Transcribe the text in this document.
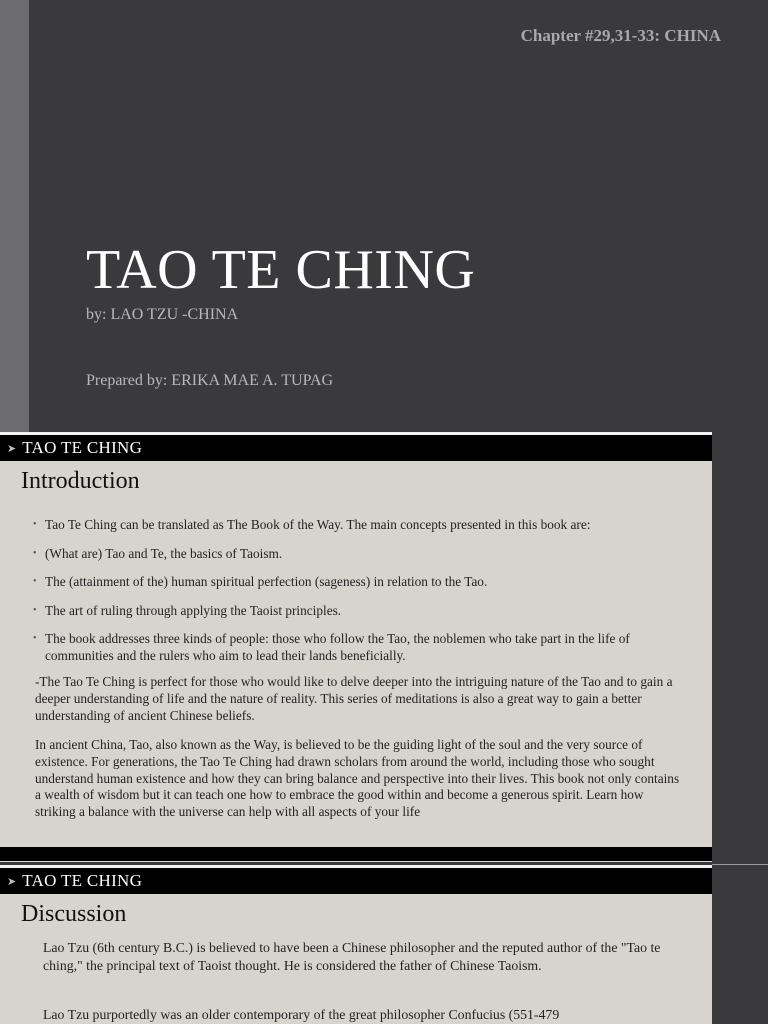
Chapter #29,31-33: CHINA
TAO TE CHING
by: LAO TZU -CHINA
Prepared by: ERIKA MAE A. TUPAG
➤ TAO TE CHING
Introduction
• Tao Te Ching can be translated as The Book of the Way. The main concepts presented in this book are:
• (What are) Tao and Te, the basics of Taoism.
• The (attainment of the) human spiritual perfection (sageness) in relation to the Tao.
• The art of ruling through applying the Taoist principles.
• The book addresses three kinds of people: those who follow the Tao, the noblemen who take part in the life of communities and the rulers who aim to lead their lands beneficially.

-The Tao Te Ching is perfect for those who would like to delve deeper into the intriguing nature of the Tao and to gain a deeper understanding of life and the nature of reality. This series of meditations is also a great way to gain a better understanding of ancient Chinese beliefs.

In ancient China, Tao, also known as the Way, is believed to be the guiding light of the soul and the very source of existence. For generations, the Tao Te Ching had drawn scholars from around the world, including those who sought understand human existence and how they can bring balance and perspective into their lives. This book not only contains a wealth of wisdom but it can teach one how to embrace the good within and become a generous spirit. Learn how striking a balance with the universe can help with all aspects of your life

➤ TAO TE CHING
Discussion

Lao Tzu (6th century B.C.) is believed to have been a Chinese philosopher and the reputed author of the "Tao te ching," the principal text of Taoist thought. He is considered the father of Chinese Taoism.

Lao Tzu purportedly was an older contemporary of the great philosopher Confucius (551-479
